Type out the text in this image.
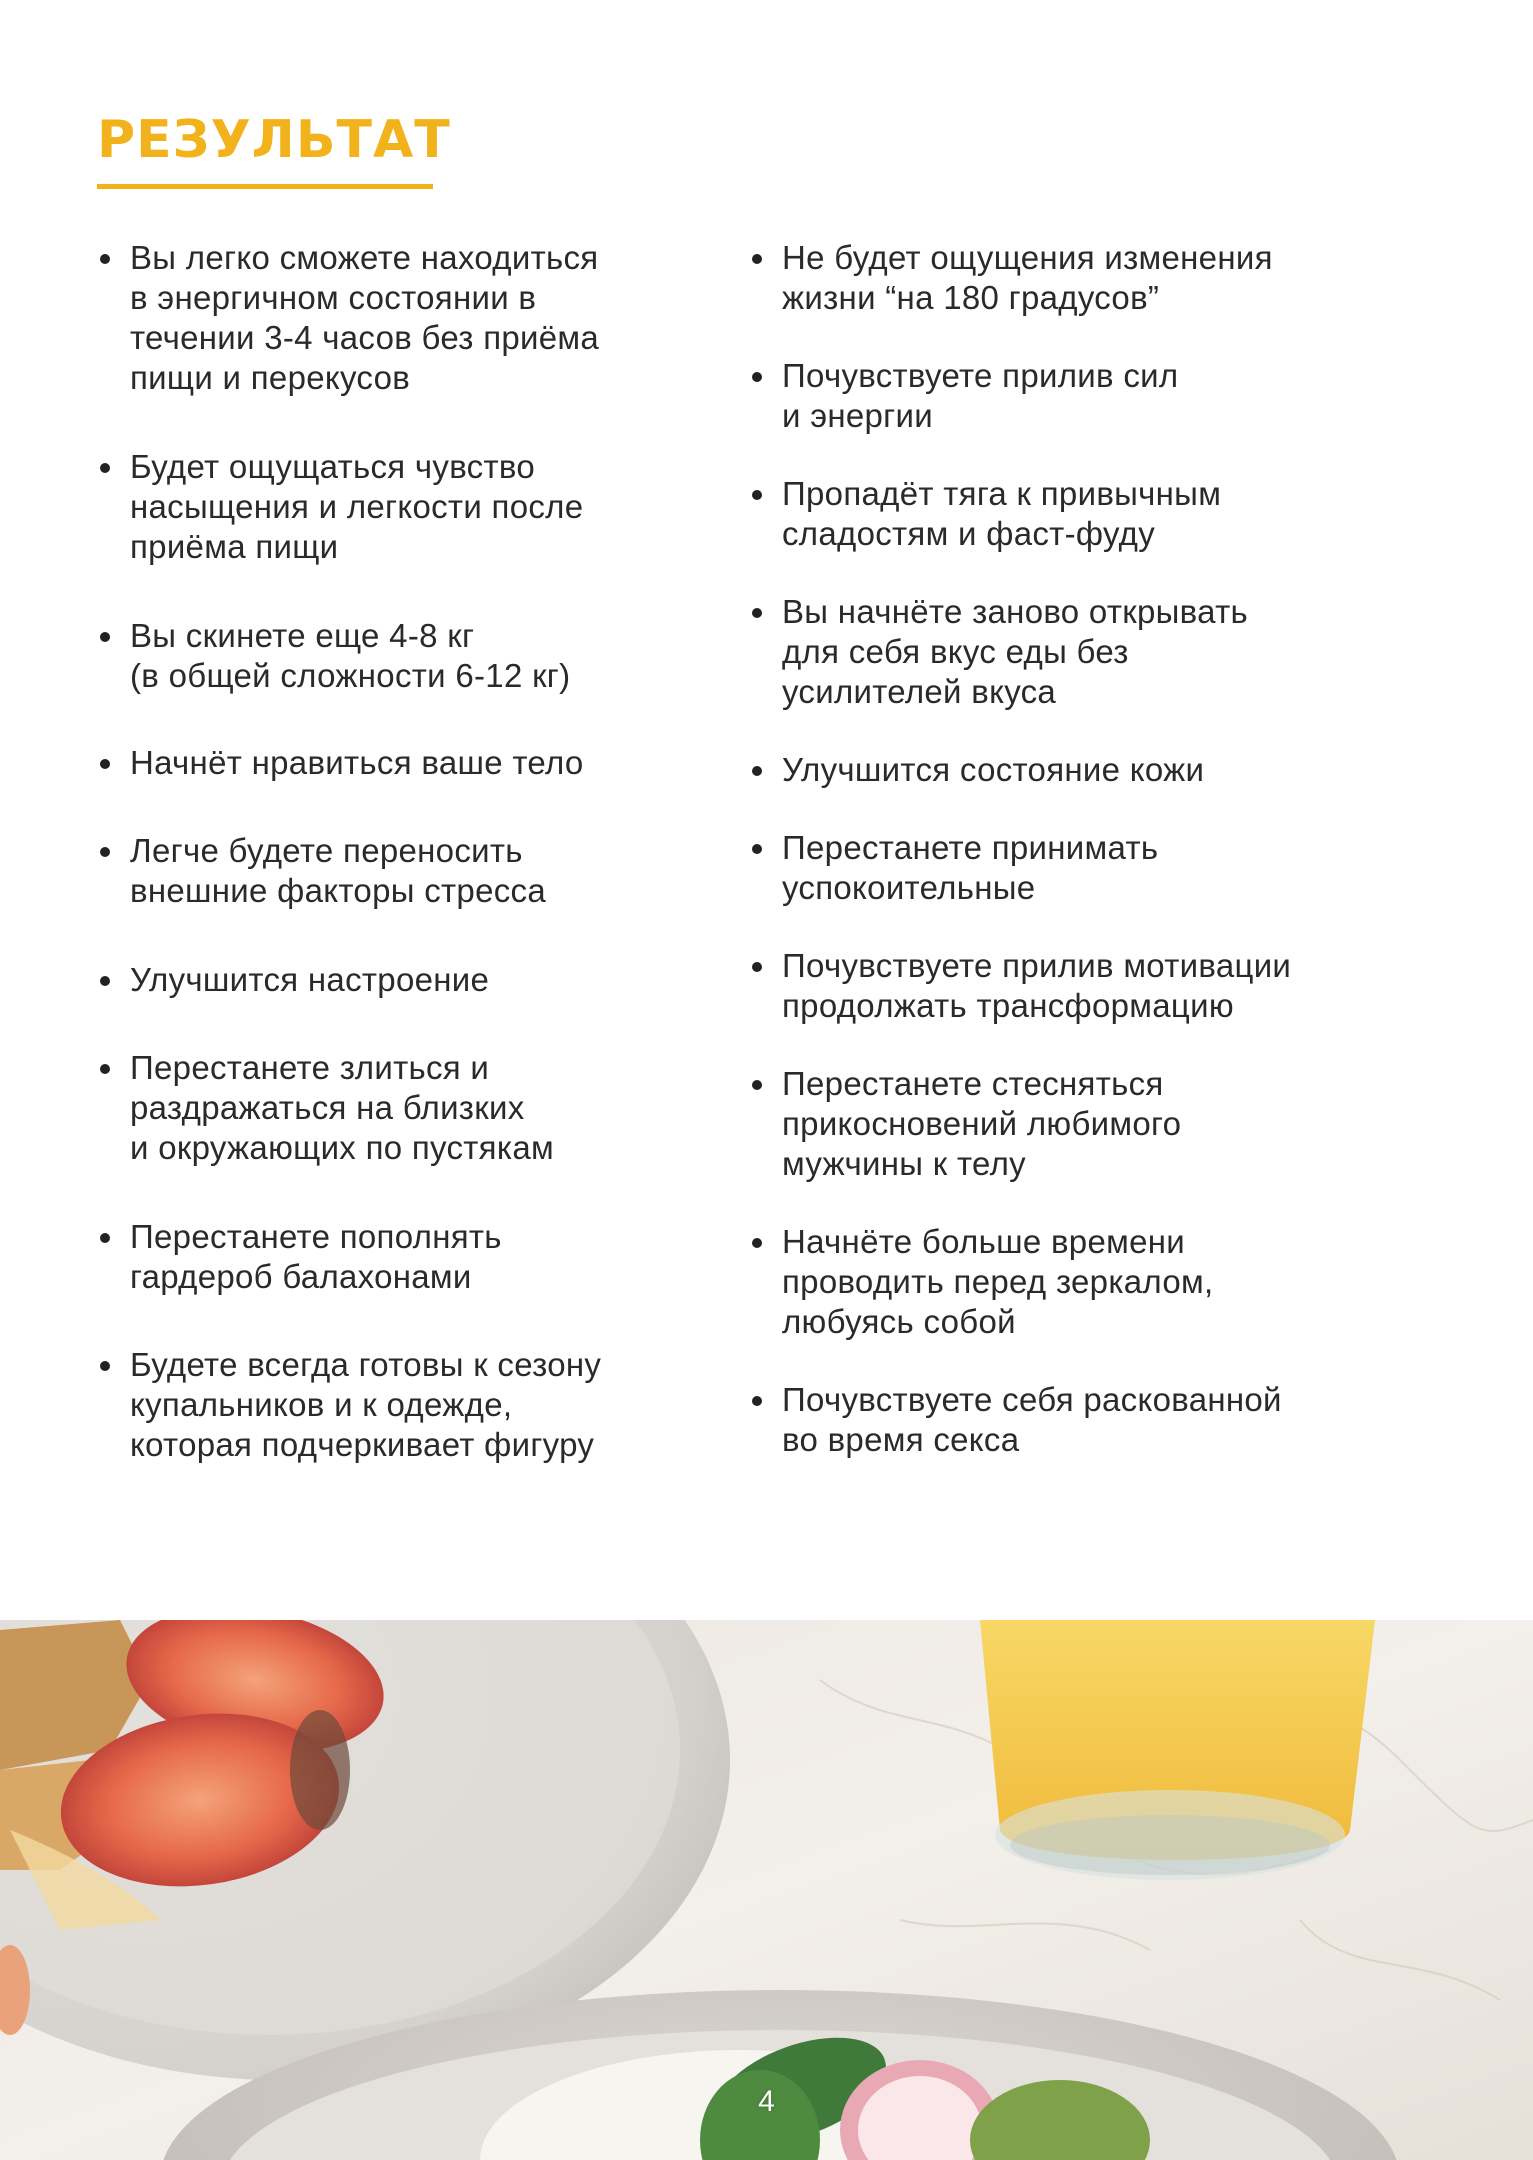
РЕЗУЛЬТАТ
Вы легко сможете находиться
в энергичном состоянии в
течении 3-4 часов без приёма
пищи и перекусов
Будет ощущаться чувство
насыщения и легкости после
приёма пищи
Вы скинете еще 4-8 кг
(в общей сложности 6-12 кг)
Начнёт нравиться ваше тело
Легче будете переносить
внешние факторы стресса
Улучшится настроение
Перестанете злиться и
раздражаться на близких
и окружающих по пустякам
Перестанете пополнять
гардероб балахонами
Будете всегда готовы к сезону
купальников и к одежде,
которая подчеркивает фигуру
Не будет ощущения изменения
жизни “на 180 градусов”
Почувствуете прилив сил
и энергии
Пропадёт тяга к привычным
сладостям и фаст-фуду
Вы начнёте заново открывать
для себя вкус еды без
усилителей вкуса
Улучшится состояние кожи
Перестанете принимать
успокоительные
Почувствуете прилив мотивации
продолжать трансформацию
Перестанете стесняться
прикосновений любимого
мужчины к телу
Начнёте больше времени
проводить перед зеркалом,
любуясь собой
Почувствуете себя раскованной
во время секса
4
